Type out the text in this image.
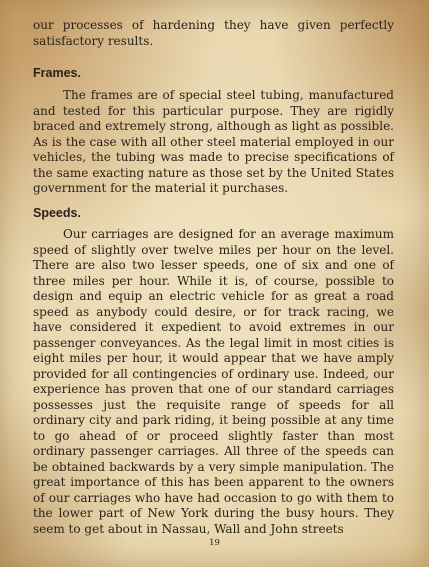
our processes of hardening they have given perfectly satisfactory results.

Frames.

The frames are of special steel tubing, manufactured and tested for this particular purpose. They are rigidly braced and extremely strong, although as light as possible. As is the case with all other steel material employed in our vehicles, the tubing was made to precise specifications of the same exacting nature as those set by the United States government for the material it purchases.

Speeds.

Our carriages are designed for an average maximum speed of slightly over twelve miles per hour on the level. There are also two lesser speeds, one of six and one of three miles per hour. While it is, of course, possible to design and equip an electric vehicle for as great a road speed as anybody could desire, or for track racing, we have considered it expedient to avoid extremes in our passenger conveyances. As the legal limit in most cities is eight miles per hour, it would appear that we have amply provided for all contingencies of ordinary use. Indeed, our experience has proven that one of our standard carriages possesses just the requisite range of speeds for all ordinary city and park riding, it being possible at any time to go ahead of or proceed slightly faster than most ordinary passenger carriages. All three of the speeds can be obtained backwards by a very simple manipulation. The great importance of this has been apparent to the owners of our carriages who have had occasion to go with them to the lower part of New York during the busy hours. They seem to get about in Nassau, Wall and John streets

19
